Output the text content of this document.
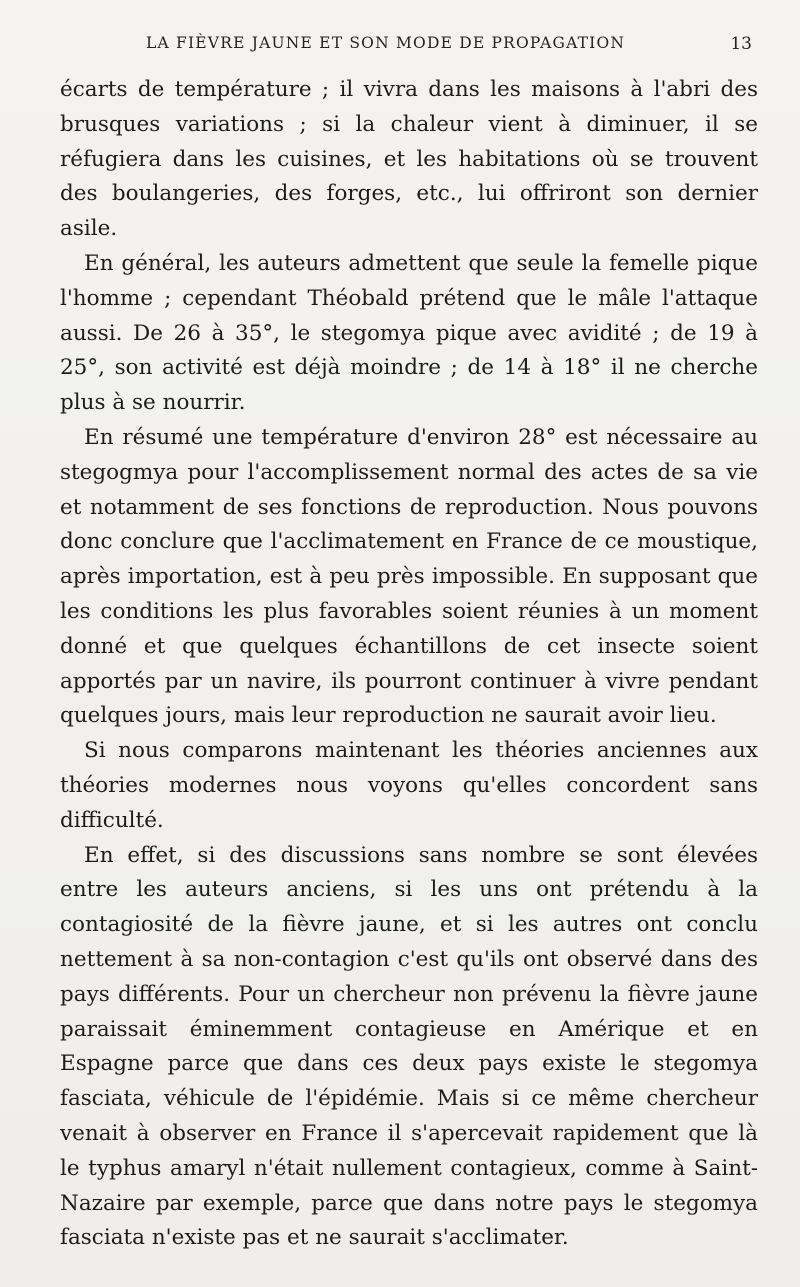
LA FIÈVRE JAUNE ET SON MODE DE PROPAGATION	13

écarts de température ; il vivra dans les maisons à l'abri des brusques variations ; si la chaleur vient à diminuer, il se réfugiera dans les cuisines, et les habitations où se trouvent des boulangeries, des forges, etc., lui offriront son dernier asile.

En général, les auteurs admettent que seule la femelle pique l'homme ; cependant Théobald prétend que le mâle l'attaque aussi. De 26 à 35°, le stegomya pique avec avidité ; de 19 à 25°, son activité est déjà moindre ; de 14 à 18° il ne cherche plus à se nourrir.

En résumé une température d'environ 28° est nécessaire au stegogmya pour l'accomplissement normal des actes de sa vie et notamment de ses fonctions de reproduction. Nous pouvons donc conclure que l'acclimatement en France de ce moustique, après importation, est à peu près impossible. En supposant que les conditions les plus favorables soient réunies à un moment donné et que quelques échantillons de cet insecte soient apportés par un navire, ils pourront continuer à vivre pendant quelques jours, mais leur reproduction ne saurait avoir lieu.

Si nous comparons maintenant les théories anciennes aux théories modernes nous voyons qu'elles concordent sans difficulté.

En effet, si des discussions sans nombre se sont élevées entre les auteurs anciens, si les uns ont prétendu à la contagiosité de la fièvre jaune, et si les autres ont conclu nettement à sa non-contagion c'est qu'ils ont observé dans des pays différents. Pour un chercheur non prévenu la fièvre jaune paraissait éminemment contagieuse en Amérique et en Espagne parce que dans ces deux pays existe le stegomya fasciata, véhicule de l'épidémie. Mais si ce même chercheur venait à observer en France il s'apercevait rapidement que là le typhus amaryl n'était nullement contagieux, comme à Saint-Nazaire par exemple, parce que dans notre pays le stegomya fasciata n'existe pas et ne saurait s'acclimater.
